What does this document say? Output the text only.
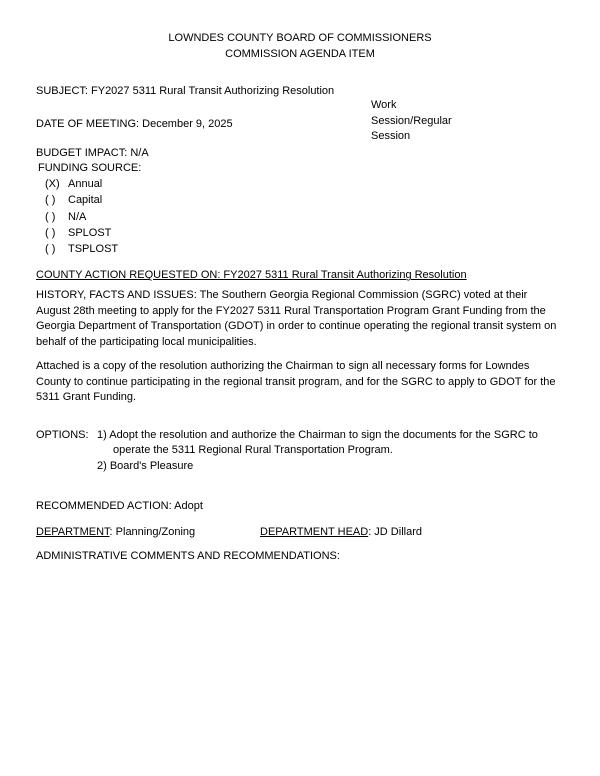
LOWNDES COUNTY BOARD OF COMMISSIONERS
COMMISSION AGENDA ITEM
SUBJECT: FY2027 5311 Rural Transit Authorizing Resolution
Work Session/Regular Session
DATE OF MEETING: December 9, 2025
BUDGET IMPACT: N/A
FUNDING SOURCE:
(X) Annual
( )	Capital
( )	N/A
( )	SPLOST
( )	TSPLOST
COUNTY ACTION REQUESTED ON: FY2027 5311 Rural Transit Authorizing Resolution
HISTORY, FACTS AND ISSUES: The Southern Georgia Regional Commission (SGRC) voted at their August 28th meeting to apply for the FY2027 5311 Rural Transportation Program Grant Funding from the Georgia Department of Transportation (GDOT) in order to continue operating the regional transit system on behalf of the participating local municipalities.
Attached is a copy of the resolution authorizing the Chairman to sign all necessary forms for Lowndes County to continue participating in the regional transit program, and for the SGRC to apply to GDOT for the 5311 Grant Funding.
OPTIONS: 1) Adopt the resolution and authorize the Chairman to sign the documents for the SGRC to operate the 5311 Regional Rural Transportation Program.
2) Board's Pleasure
RECOMMENDED ACTION: Adopt
DEPARTMENT: Planning/Zoning	DEPARTMENT HEAD: JD Dillard
ADMINISTRATIVE COMMENTS AND RECOMMENDATIONS:
